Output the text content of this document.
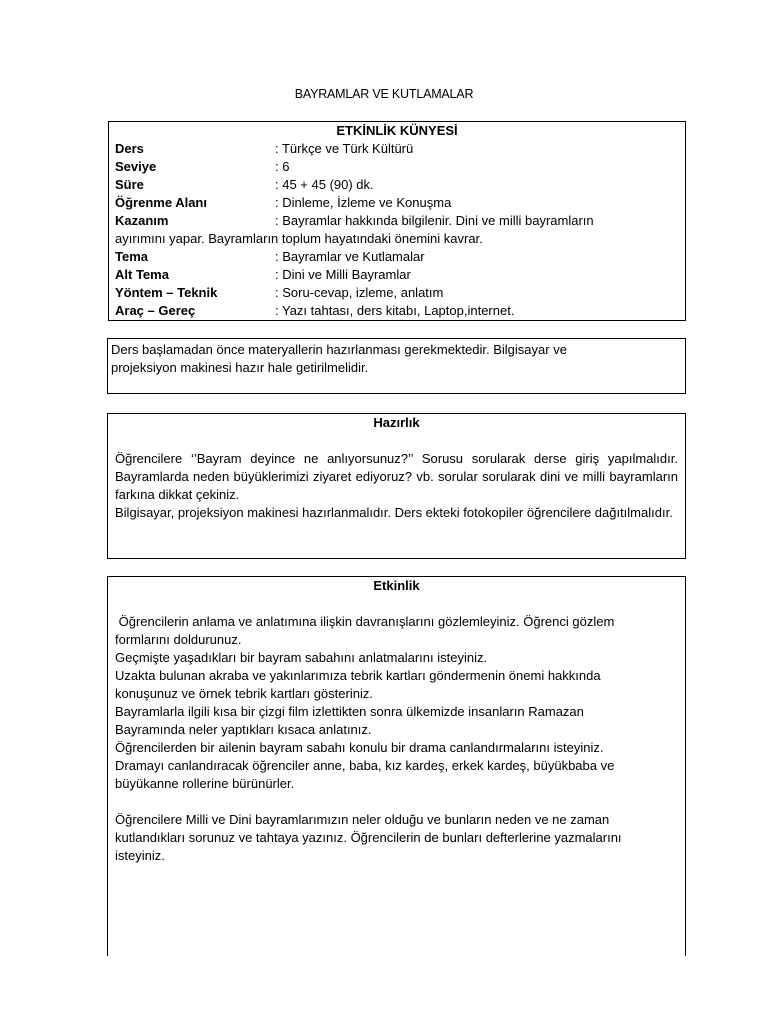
BAYRAMLAR VE KUTLAMALAR
ETKİNLİK KÜNYESİ
Ders	: Türkçe ve Türk Kültürü
Seviye	: 6
Süre	: 45 + 45 (90) dk.
Öğrenme Alanı	: Dinleme, İzleme ve Konuşma
Kazanım	: Bayramlar hakkında bilgilenir. Dini ve milli bayramların
ayırımını yapar. Bayramların toplum hayatındaki önemini kavrar.
Tema	: Bayramlar ve Kutlamalar
Alt Tema	: Dini ve Milli Bayramlar
Yöntem – Teknik	: Soru-cevap, izleme, anlatım
Araç – Gereç	: Yazı tahtası, ders kitabı, Laptop,internet.
Ders başlamadan önce materyallerin hazırlanması gerekmektedir. Bilgisayar ve
projeksiyon makinesi hazır hale getirilmelidir.
Hazırlık
Öğrencilere ‘’Bayram deyince ne anlıyorsunuz?’’ Sorusu sorularak derse giriş yapılmalıdır. Bayramlarda neden büyüklerimizi ziyaret ediyoruz? vb. sorular sorularak dini ve milli bayramların farkına dikkat çekiniz.
Bilgisayar, projeksiyon makinesi hazırlanmalıdır. Ders ekteki fotokopiler öğrencilere dağıtılmalıdır.
Etkinlik
Öğrencilerin anlama ve anlatımına ilişkin davranışlarını gözlemleyiniz. Öğrenci gözlem
formlarını doldurunuz.
Geçmişte yaşadıkları bir bayram sabahını anlatmalarını isteyiniz.
Uzakta bulunan akraba ve yakınlarımıza tebrik kartları göndermenin önemi hakkında
konuşunuz ve örnek tebrik kartları gösteriniz.
Bayramlarla ilgili kısa bir çizgi film izlettikten sonra ülkemizde insanların Ramazan
Bayramında neler yaptıkları kısaca anlatınız.
Öğrencilerden bir ailenin bayram sabahı konulu bir drama canlandırmalarını isteyiniz.
Dramayı canlandıracak öğrenciler anne, baba, kız kardeş, erkek kardeş, büyükbaba ve
büyükanne rollerine bürünürler.
Öğrencilere Milli ve Dini bayramlarımızın neler olduğu ve bunların neden ve ne zaman
kutlandıkları sorunuz ve tahtaya yazınız. Öğrencilerin de bunları defterlerine yazmalarını
isteyiniz.
